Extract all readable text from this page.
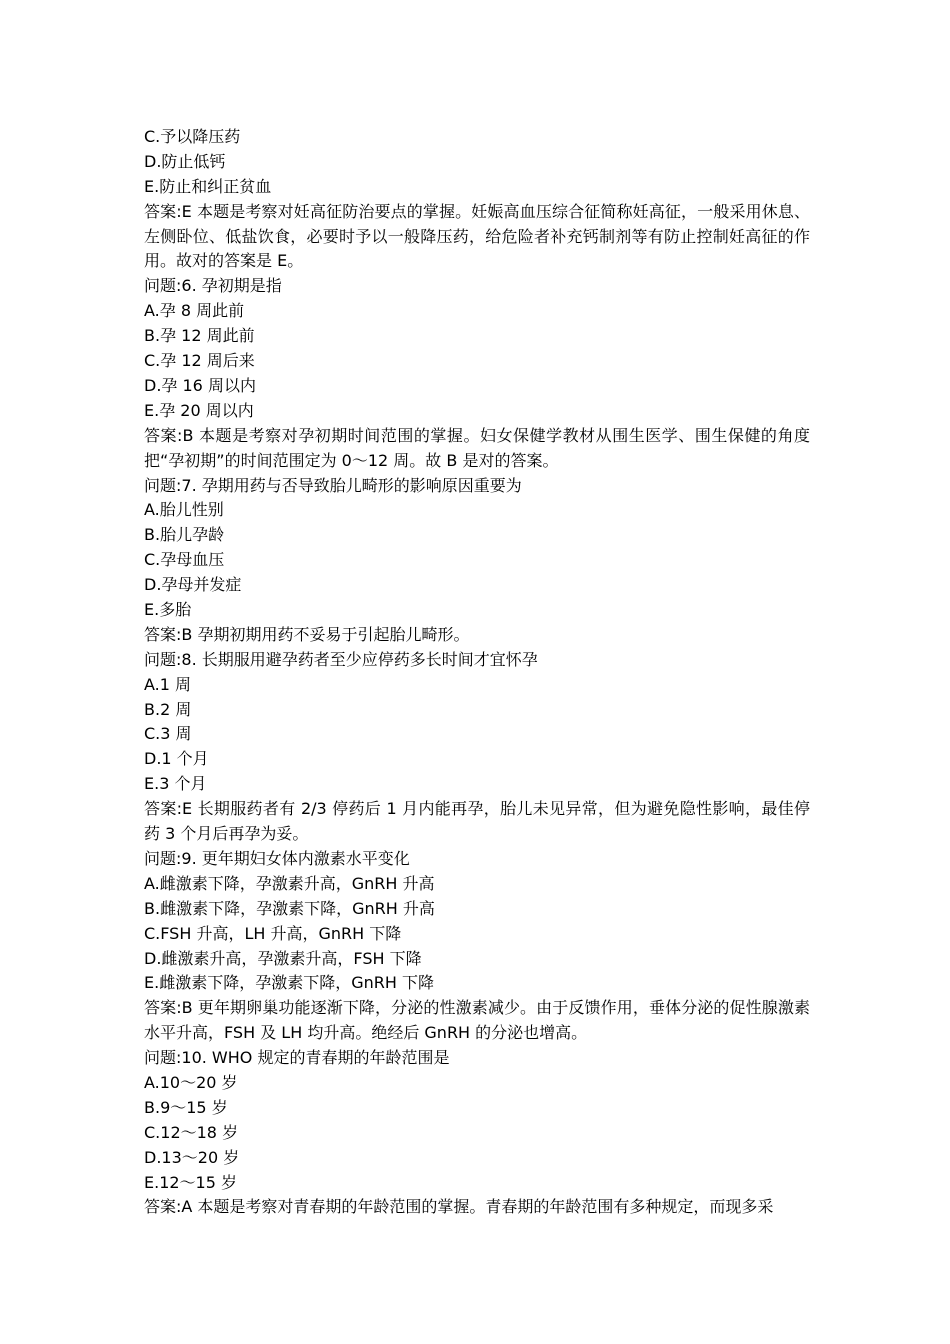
C.予以降压药
D.防止低钙
E.防止和纠正贫血
答案:E 本题是考察对妊高征防治要点的掌握。妊娠高血压综合征简称妊高征，一般采用休息、左侧卧位、低盐饮食，必要时予以一般降压药，给危险者补充钙制剂等有防止控制妊高征的作用。故对的答案是 E。
问题:6. 孕初期是指
A.孕 8 周此前
B.孕 12 周此前
C.孕 12 周后来
D.孕 16 周以内
E.孕 20 周以内
答案:B 本题是考察对孕初期时间范围的掌握。妇女保健学教材从围生医学、围生保健的角度把“孕初期”的时间范围定为 0～12 周。故 B 是对的答案。
问题:7. 孕期用药与否导致胎儿畸形的影响原因重要为
A.胎儿性别
B.胎儿孕龄
C.孕母血压
D.孕母并发症
E.多胎
答案:B 孕期初期用药不妥易于引起胎儿畸形。
问题:8. 长期服用避孕药者至少应停药多长时间才宜怀孕
A.1 周
B.2 周
C.3 周
D.1 个月
E.3 个月
答案:E 长期服药者有 2/3 停药后 1 月内能再孕，胎儿未见异常，但为避免隐性影响，最佳停药 3 个月后再孕为妥。
问题:9. 更年期妇女体内激素水平变化
A.雌激素下降，孕激素升高，GnRH 升高
B.雌激素下降，孕激素下降，GnRH 升高
C.FSH 升高，LH 升高，GnRH 下降
D.雌激素升高，孕激素升高，FSH 下降
E.雌激素下降，孕激素下降，GnRH 下降
答案:B 更年期卵巢功能逐渐下降，分泌的性激素减少。由于反馈作用，垂体分泌的促性腺激素水平升高，FSH 及 LH 均升高。绝经后 GnRH 的分泌也增高。
问题:10. WHO 规定的青春期的年龄范围是
A.10～20 岁
B.9～15 岁
C.12～18 岁
D.13～20 岁
E.12～15 岁
答案:A 本题是考察对青春期的年龄范围的掌握。青春期的年龄范围有多种规定，而现多采
